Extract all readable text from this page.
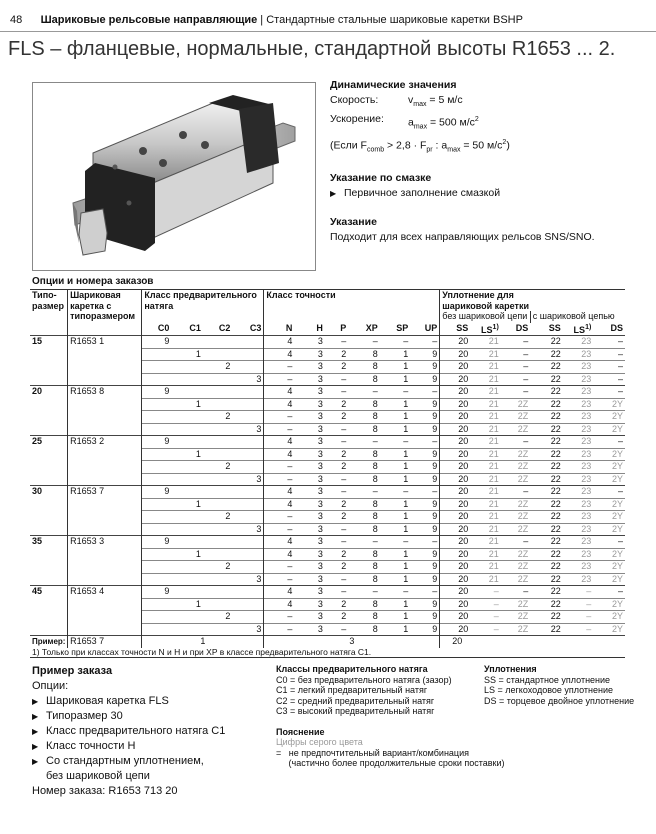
48 Шариковые рельсовые направляющие | Стандартные стальные шариковые каретки BSHP
FLS – фланцевые, нормальные, стандартной высоты R1653 ... 2.
Динамические значения
Скорость:	$v_{max} = 5$ м/с
Ускорение:	$a_{max} = 500$ $м/с^2$
(Если $F_{comb} > 2,8 \cdot F_{pr}$ : $a_{max} = 50$ $м/с^2$)
Указание по смазке
▶ Первичное заполнение смазкой
Указание
Подходит для всех направляющих рельсов SNS/SNO.
Опции и номера заказов
Типо-
размер	Шариковая
каретка с
типоразмером	Класс предварительного
натяга				Класс точности						Уплотнение для
шариковой каретки					
												без шариковой цепи			с шариковой цепью		
		C0	C1	C2	C3	N	H	P	XP	SP	UP	SS	LS$^{1)}$	DS	SS	LS$^{1)}$	DS
15	R1653 1	9				4	3	–	–	–	–	20	21	–	22	23	–
			1			4	3	2	8	1	9	20	21	–	22	23	–
				2		–	3	2	8	1	9	20	21	–	22	23	–
					3	–	3	–	8	1	9	20	21	–	22	23	–
20	R1653 8	9				4	3	–	–	–	–	20	21	–	22	23	–
			1			4	3	2	8	1	9	20	21	2Z	22	23	2Y
				2		–	3	2	8	1	9	20	21	2Z	22	23	2Y
					3	–	3	–	8	1	9	20	21	2Z	22	23	2Y
25	R1653 2	9				4	3	–	–	–	–	20	21	–	22	23	–
			1			4	3	2	8	1	9	20	21	2Z	22	23	2Y
				2		–	3	2	8	1	9	20	21	2Z	22	23	2Y
					3	–	3	–	8	1	9	20	21	2Z	22	23	2Y
30	R1653 7	9				4	3	–	–	–	–	20	21	–	22	23	–
			1			4	3	2	8	1	9	20	21	2Z	22	23	2Y
				2		–	3	2	8	1	9	20	21	2Z	22	23	2Y
					3	–	3	–	8	1	9	20	21	2Z	22	23	2Y
35	R1653 3	9				4	3	–	–	–	–	20	21	–	22	23	–
			1			4	3	2	8	1	9	20	21	2Z	22	23	2Y
				2		–	3	2	8	1	9	20	21	2Z	22	23	2Y
					3	–	3	–	8	1	9	20	21	2Z	22	23	2Y
45	R1653 4	9				4	3	–	–	–	–	20	–	–	22	–	–
			1			4	3	2	8	1	9	20	–	2Z	22	–	2Y
				2		–	3	2	8	1	9	20	–	2Z	22	–	2Y
					3	–	3	–	8	1	9	20	–	2Z	22	–	2Y
Пример:	R1653 7	1				3						20					
1) Только при классах точности N и H и при XP в классе предварительного натяга C1.
Пример заказа
Опции:
▶ Шариковая каретка FLS
▶ Типоразмер 30
▶ Класс предварительного натяга C1
▶ Класс точности H
▶ Со стандартным уплотнением,
без шариковой цепи
Номер заказа: R1653 713 20
Классы предварительного натяга
C0 = без предварительного натяга (зазор)
C1 = легкий предварительный натяг
C2 = средний предварительный натяг
C3 = высокий предварительный натяг
Пояснение
Цифры серого цвета
=   не предпочтительный вариант/комбинация
(частично более продолжительные сроки поставки)
Уплотнения
SS = стандартное уплотнение
LS = легкоходовое уплотнение
DS = торцевое двойное уплотнение
